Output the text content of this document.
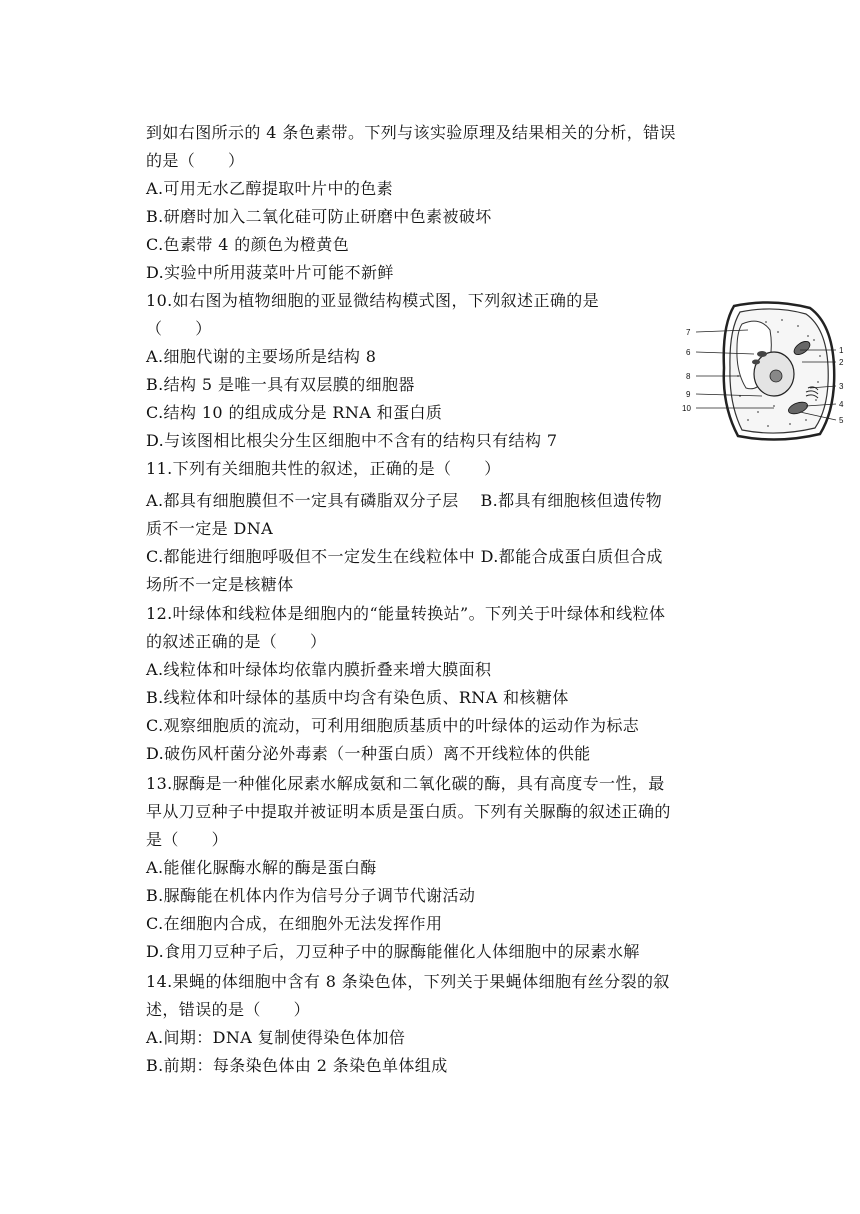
到如右图所示的 4 条色素带。下列与该实验原理及结果相关的分析，错误
的是（　　）
A.可用无水乙醇提取叶片中的色素
B.研磨时加入二氧化硅可防止研磨中色素被破坏
C.色素带 4 的颜色为橙黄色
D.实验中所用菠菜叶片可能不新鲜
10.如右图为植物细胞的亚显微结构模式图，下列叙述正确的是
（　　）
A.细胞代谢的主要场所是结构 8
B.结构 5 是唯一具有双层膜的细胞器
C.结构 10 的组成成分是 RNA 和蛋白质
D.与该图相比根尖分生区细胞中不含有的结构只有结构 7
11.下列有关细胞共性的叙述，正确的是（　　）
A.都具有细胞膜但不一定具有磷脂双分子层　 B.都具有细胞核但遗传物
质不一定是 DNA
C.都能进行细胞呼吸但不一定发生在线粒体中 D.都能合成蛋白质但合成
场所不一定是核糖体
12.叶绿体和线粒体是细胞内的“能量转换站”。下列关于叶绿体和线粒体
的叙述正确的是（　　）
A.线粒体和叶绿体均依靠内膜折叠来增大膜面积
B.线粒体和叶绿体的基质中均含有染色质、RNA 和核糖体
C.观察细胞质的流动，可利用细胞质基质中的叶绿体的运动作为标志
D.破伤风杆菌分泌外毒素（一种蛋白质）离不开线粒体的供能
13.脲酶是一种催化尿素水解成氨和二氧化碳的酶，具有高度专一性，最
早从刀豆种子中提取并被证明本质是蛋白质。下列有关脲酶的叙述正确的
是（　　）
A.能催化脲酶水解的酶是蛋白酶
B.脲酶能在机体内作为信号分子调节代谢活动
C.在细胞内合成，在细胞外无法发挥作用
D.食用刀豆种子后，刀豆种子中的脲酶能催化人体细胞中的尿素水解
14.果蝇的体细胞中含有 8 条染色体，下列关于果蝇体细胞有丝分裂的叙
述，错误的是（　　）
A.间期：DNA 复制使得染色体加倍
B.前期：每条染色体由 2 条染色单体组成
7
6
8
9
10
1
2
3
4
5
